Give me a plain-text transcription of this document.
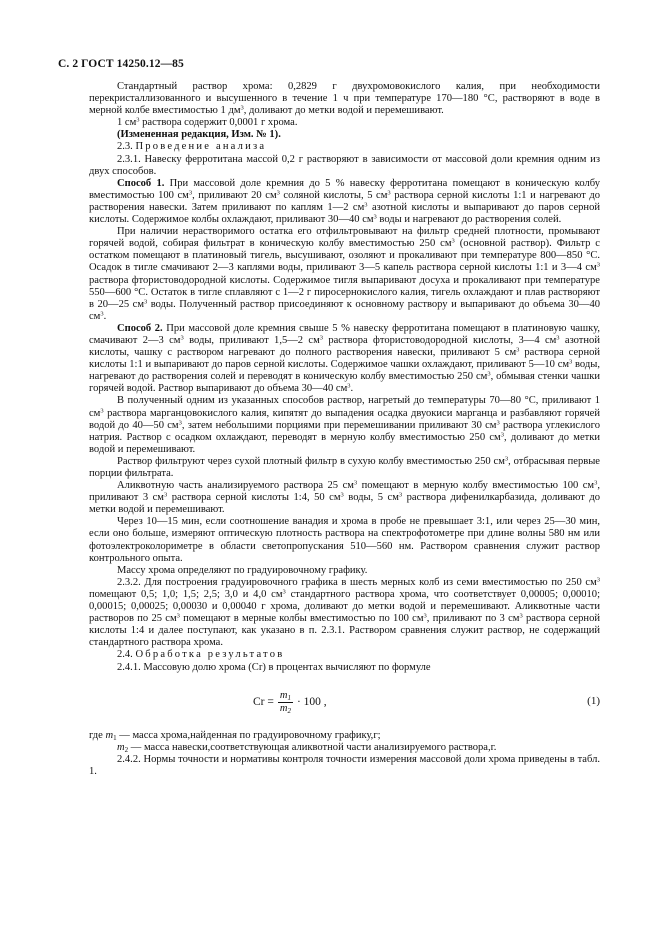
С. 2 ГОСТ 14250.12—85

Стандартный раствор хрома: 0,2829 г двухромовокислого калия, при необходимости перекристаллизованного и высушенного в течение 1 ч при температуре 170—180 °С, растворяют в воде в мерной колбе вместимостью 1 $дм^3$, доливают до метки водой и перемешивают.

1 $см^3$ раствора содержит 0,0001 г хрома.

(Измененная редакция, Изм. № 1).

2.3. Проведение анализа

2.3.1. Навеску ферротитана массой 0,2 г растворяют в зависимости от массовой доли кремния одним из двух способов.

Способ 1. При массовой доле кремния до 5 % навеску ферротитана помещают в коническую колбу вместимостью 100 $см^3$, приливают 20 $см^3$ соляной кислоты, 5 $см^3$ раствора серной кислоты 1:1 и нагревают до растворения навески. Затем приливают по каплям 1—2 $см^3$ азотной кислоты и выпаривают до паров серной кислоты. Содержимое колбы охлаждают, приливают 30—40 $см^3$ воды и нагревают до растворения солей.

При наличии нерастворимого остатка его отфильтровывают на фильтр средней плотности, промывают горячей водой, собирая фильтрат в коническую колбу вместимостью 250 $см^3$ (основной раствор). Фильтр с остатком помещают в платиновый тигель, высушивают, озоляют и прокаливают при температуре 800—850 °С. Осадок в тигле смачивают 2—3 каплями воды, приливают 3—5 капель раствора серной кислоты 1:1 и 3—4 $см^3$ раствора фтористоводородной кислоты. Содержимое тигля выпаривают досуха и прокаливают при температуре 550—600 °С. Остаток в тигле сплавляют с 1—2 г пиросернокислого калия, тигель охлаждают и плав растворяют в 20—25 $см^3$ воды. Полученный раствор присоединяют к основному раствору и выпаривают до объема 30—40 $см^3$.

Способ 2. При массовой доле кремния свыше 5 % навеску ферротитана помещают в платиновую чашку, смачивают 2—3 $см^3$ воды, приливают 1,5—2 $см^3$ раствора фтористоводородной кислоты, 3—4 $см^3$ азотной кислоты, чашку с раствором нагревают до полного растворения навески, приливают 5 $см^3$ раствора серной кислоты 1:1 и выпаривают до паров серной кислоты. Содержимое чашки охлаждают, приливают 5—10 $см^3$ воды, нагревают до растворения солей и переводят в коническую колбу вместимостью 250 $см^3$, обмывая стенки чашки горячей водой. Раствор выпаривают до объема 30—40 $см^3$.

В полученный одним из указанных способов раствор, нагретый до температуры 70—80 °С, приливают 1 $см^3$ раствора марганцовокислого калия, кипятят до выпадения осадка двуокиси марганца и разбавляют горячей водой до 40—50 $см^3$, затем небольшими порциями при перемешивании приливают 30 $см^3$ раствора углекислого натрия. Раствор с осадком охлаждают, переводят в мерную колбу вместимостью 250 $см^3$, доливают до метки водой и перемешивают.

Раствор фильтруют через сухой плотный фильтр в сухую колбу вместимостью 250 $см^3$, отбрасывая первые порции фильтрата.

Аликвотную часть анализируемого раствора 25 $см^3$ помещают в мерную колбу вместимостью 100 $см^3$, приливают 3 $см^3$ раствора серной кислоты 1:4, 50 $см^3$ воды, 5 $см^3$ раствора дифенилкарбазида, доливают до метки водой и перемешивают.

Через 10—15 мин, если соотношение ванадия и хрома в пробе не превышает 3:1, или через 25—30 мин, если оно больше, измеряют оптическую плотность раствора на спектрофотометре при длине волны 580 нм или фотоэлектроколориметре в области светопропускания 510—560 нм. Раствором сравнения служит раствор контрольного опыта.

Массу хрома определяют по градуировочному графику.

2.3.2. Для построения градуировочного графика в шесть мерных колб из семи вместимостью по 250 $см^3$ помещают 0,5; 1,0; 1,5; 2,5; 3,0 и 4,0 $см^3$ стандартного раствора хрома, что соответствует 0,00005; 0,00010; 0,00015; 0,00025; 0,00030 и 0,00040 г хрома, доливают до метки водой и перемешивают. Аликвотные части растворов по 25 $см^3$ помещают в мерные колбы вместимостью по 100 $см^3$, приливают по 3 $см^3$ раствора серной кислоты 1:4 и далее поступают, как указано в п. 2.3.1. Раствором сравнения служит раствор, не содержащий стандартного раствора хрома.

2.4. Обработка результатов

2.4.1. Массовую долю хрома (Cr) в процентах вычисляют по формуле

$Cr = \frac{m_1}{m_2} \cdot 100$ ,	(1)

где $m_1$ — масса хрома,найденная по градуировочному графику,г;

$m_2$ — масса навески,соответствующая аликвотной части анализируемого раствора,г.

2.4.2. Нормы точности и нормативы контроля точности измерения массовой доли хрома приведены в табл. 1.
